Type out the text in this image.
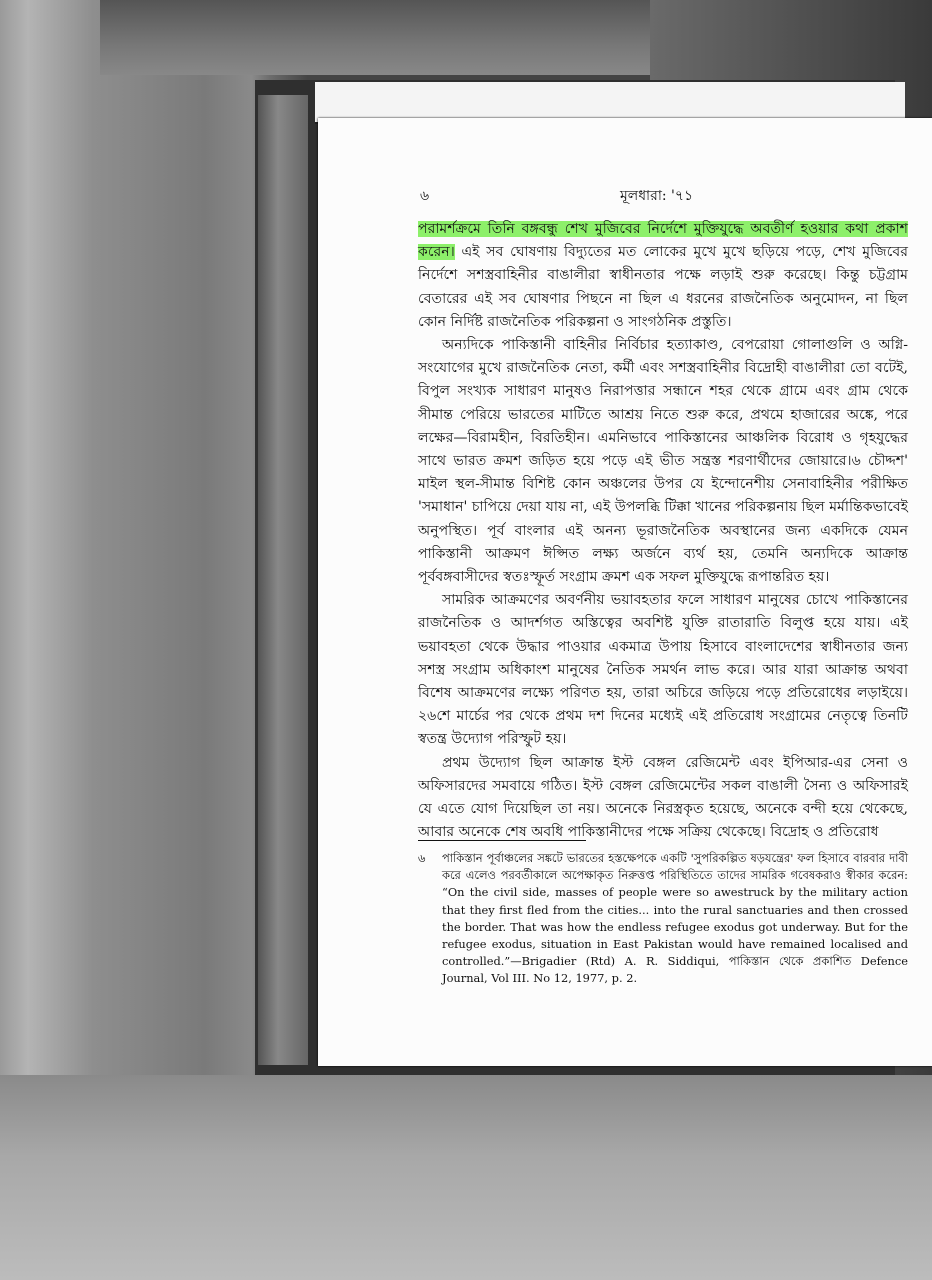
৬	মূলধারা: '৭১

পরামর্শক্রমে তিনি বঙ্গবন্ধু শেখ মুজিবের নির্দেশে মুক্তিযুদ্ধে অবতীর্ণ হওয়ার কথা প্রকাশ করেন। এই সব ঘোষণায় বিদ্যুতের মত লোকের মুখে মুখে ছড়িয়ে পড়ে, শেখ মুজিবের নির্দেশে সশস্ত্রবাহিনীর বাঙালীরা স্বাধীনতার পক্ষে লড়াই শুরু করেছে। কিন্তু চট্টগ্রাম বেতারের এই সব ঘোষণার পিছনে না ছিল এ ধরনের রাজনৈতিক অনুমোদন, না ছিল কোন নির্দিষ্ট রাজনৈতিক পরিকল্পনা ও সাংগঠনিক প্রস্তুতি।

অন্যদিকে পাকিস্তানী বাহিনীর নির্বিচার হত্যাকাণ্ড, বেপরোয়া গোলাগুলি ও অগ্নি-সংযোগের মুখে রাজনৈতিক নেতা, কর্মী এবং সশস্ত্রবাহিনীর বিদ্রোহী বাঙালীরা তো বটেই, বিপুল সংখ্যক সাধারণ মানুষও নিরাপত্তার সন্ধানে শহর থেকে গ্রামে এবং গ্রাম থেকে সীমান্ত পেরিয়ে ভারতের মাটিতে আশ্রয় নিতে শুরু করে, প্রথমে হাজারের অঙ্কে, পরে লক্ষের—বিরামহীন, বিরতিহীন। এমনিভাবে পাকিস্তানের আঞ্চলিক বিরোধ ও গৃহযুদ্ধের সাথে ভারত ক্রমশ জড়িত হয়ে পড়ে এই ভীত সন্ত্রস্ত শরণার্থীদের জোয়ারে।৬ চৌদ্দশ' মাইল স্থল-সীমান্ত বিশিষ্ট কোন অঞ্চলের উপর যে ইন্দোনেশীয় সেনাবাহিনীর পরীক্ষিত 'সমাধান' চাপিয়ে দেয়া যায় না, এই উপলব্ধি টিক্কা খানের পরিকল্পনায় ছিল মর্মান্তিকভাবেই অনুপস্থিত। পূর্ব বাংলার এই অনন্য ভূরাজনৈতিক অবস্থানের জন্য একদিকে যেমন পাকিস্তানী আক্রমণ ঈপ্সিত লক্ষ্য অর্জনে ব্যর্থ হয়, তেমনি অন্যদিকে আক্রান্ত পূর্ববঙ্গবাসীদের স্বতঃস্ফূর্ত সংগ্রাম ক্রমশ এক সফল মুক্তিযুদ্ধে রূপান্তরিত হয়।

সামরিক আক্রমণের অবর্ণনীয় ভয়াবহতার ফলে সাধারণ মানুষের চোখে পাকিস্তানের রাজনৈতিক ও আদর্শগত অস্তিত্বের অবশিষ্ট যুক্তি রাতারাতি বিলুপ্ত হয়ে যায়। এই ভয়াবহতা থেকে উদ্ধার পাওয়ার একমাত্র উপায় হিসাবে বাংলাদেশের স্বাধীনতার জন্য সশস্ত্র সংগ্রাম অধিকাংশ মানুষের নৈতিক সমর্থন লাভ করে। আর যারা আক্রান্ত অথবা বিশেষ আক্রমণের লক্ষ্যে পরিণত হয়, তারা অচিরে জড়িয়ে পড়ে প্রতিরোধের লড়াইয়ে। ২৬শে মার্চের পর থেকে প্রথম দশ দিনের মধ্যেই এই প্রতিরোধ সংগ্রামের নেতৃত্বে তিনটি স্বতন্ত্র উদ্যোগ পরিস্ফুট হয়।

প্রথম উদ্যোগ ছিল আক্রান্ত ইস্ট বেঙ্গল রেজিমেন্ট এবং ইপিআর-এর সেনা ও অফিসারদের সমবায়ে গঠিত। ইস্ট বেঙ্গল রেজিমেন্টের সকল বাঙালী সৈন্য ও অফিসারই যে এতে যোগ দিয়েছিল তা নয়। অনেকে নিরস্ত্রকৃত হয়েছে, অনেকে বন্দী হয়ে থেকেছে, আবার অনেকে শেষ অবধি পাকিস্তানীদের পক্ষে সক্রিয় থেকেছে। বিদ্রোহ ও প্রতিরোধ

৬ পাকিস্তান পূর্বাঞ্চলের সঙ্কটে ভারতের হস্তক্ষেপকে একটি 'সুপরিকল্পিত ষড়যন্ত্রের' ফল হিসাবে বারবার দাবী করে এলেও পরবর্তীকালে অপেক্ষাকৃত নিরুত্তপ্ত পরিস্থিতিতে তাদের সামরিক গবেষকরাও স্বীকার করেন: “On the civil side, masses of people were so awestruck by the military action that they first fled from the cities... into the rural sanctuaries and then crossed the border. That was how the endless refugee exodus got underway. But for the refugee exodus, situation in East Pakistan would have remained localised and controlled.”—Brigadier (Rtd) A. R. Siddiqui, পাকিস্তান থেকে প্রকাশিত Defence Journal, Vol III. No 12, 1977, p. 2.
